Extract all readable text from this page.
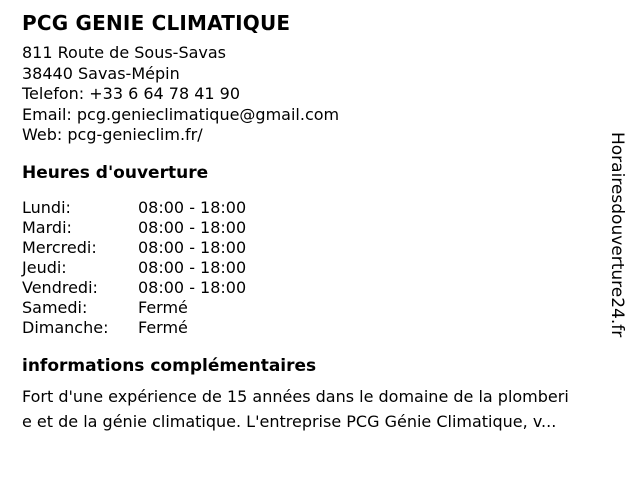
PCG GENIE CLIMATIQUE
811 Route de Sous-Savas
38440 Savas-Mépin
Telefon: +33 6 64 78 41 90
Email: pcg.genieclimatique@gmail.com
Web: pcg-genieclim.fr/
Heures d'ouverture
Lundi:	08:00 - 18:00
Mardi:	08:00 - 18:00
Mercredi:	08:00 - 18:00
Jeudi:	08:00 - 18:00
Vendredi:	08:00 - 18:00
Samedi:	Fermé
Dimanche:	Fermé
informations complémentaires

Fort d'une expérience de 15 années dans le domaine de la plomberi
e et de la génie climatique. L'entreprise PCG Génie Climatique, v...

Horairesdouverture24.fr
